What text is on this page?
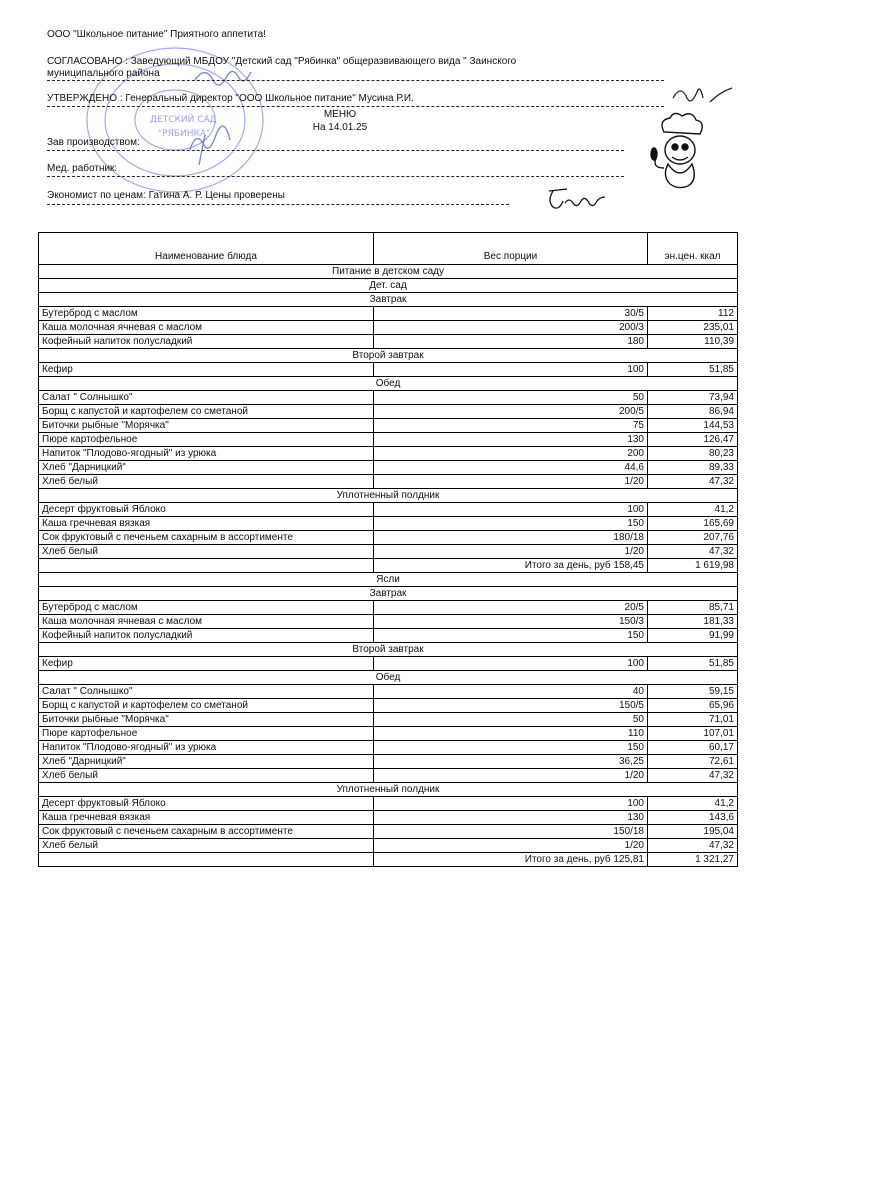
ДЕТСКИЙ САД
"РЯБИНКА"
ООО "Школьное питание" Приятного аппетита!
СОГЛАСОВАНО : Заведующий МБДОУ "Детский сад "Рябинка" общеразвивающего вида " Заинского
муниципального района
УТВЕРЖДЕНО : Генеральный директор "ООО Школьное питание" Мусина Р.И.
МЕНЮ
На 14.01.25
Зав производством:
Мед. работник:
Экономист по ценам: Гатина А. Р. Цены проверены
Наименование блюда	Вес порции	эн.цен. ккал
Питание в детском саду		
Дет. сад		
Завтрак		
Бутерброд с маслом	30/5	112
Каша молочная ячневая с маслом	200/3	235,01
Кофейный напиток полусладкий	180	110,39
Второй завтрак		
Кефир	100	51,85
Обед		
Салат " Солнышко"	50	73,94
Борщ с капустой и картофелем со сметаной	200/5	86,94
Биточки рыбные "Морячка"	75	144,53
Пюре картофельное	130	126,47
Напиток "Плодово-ягодный" из урюка	200	80,23
Хлеб "Дарницкий"	44,6	89,33
Хлеб белый	1/20	47,32
Уплотненный полдник		
Десерт фруктовый Яблоко	100	41,2
Каша гречневая вязкая	150	165,69
Сок фруктовый с печеньем сахарным в ассортименте	180/18	207,76
Хлеб белый	1/20	47,32
	Итого за день, руб 158,45	1 619,98
Ясли		
Завтрак		
Бутерброд с маслом	20/5	85,71
Каша молочная ячневая с маслом	150/3	181,33
Кофейный напиток полусладкий	150	91,99
Второй завтрак		
Кефир	100	51,85
Обед		
Салат " Солнышко"	40	59,15
Борщ с капустой и картофелем со сметаной	150/5	65,96
Биточки рыбные "Морячка"	50	71,01
Пюре картофельное	110	107,01
Напиток "Плодово-ягодный" из урюка	150	60,17
Хлеб "Дарницкий"	36,25	72,61
Хлеб белый	1/20	47,32
Уплотненный полдник		
Десерт фруктовый Яблоко	100	41,2
Каша гречневая вязкая	130	143,6
Сок фруктовый с печеньем сахарным в ассортименте	150/18	195,04
Хлеб белый	1/20	47,32
	Итого за день, руб 125,81	1 321,27
